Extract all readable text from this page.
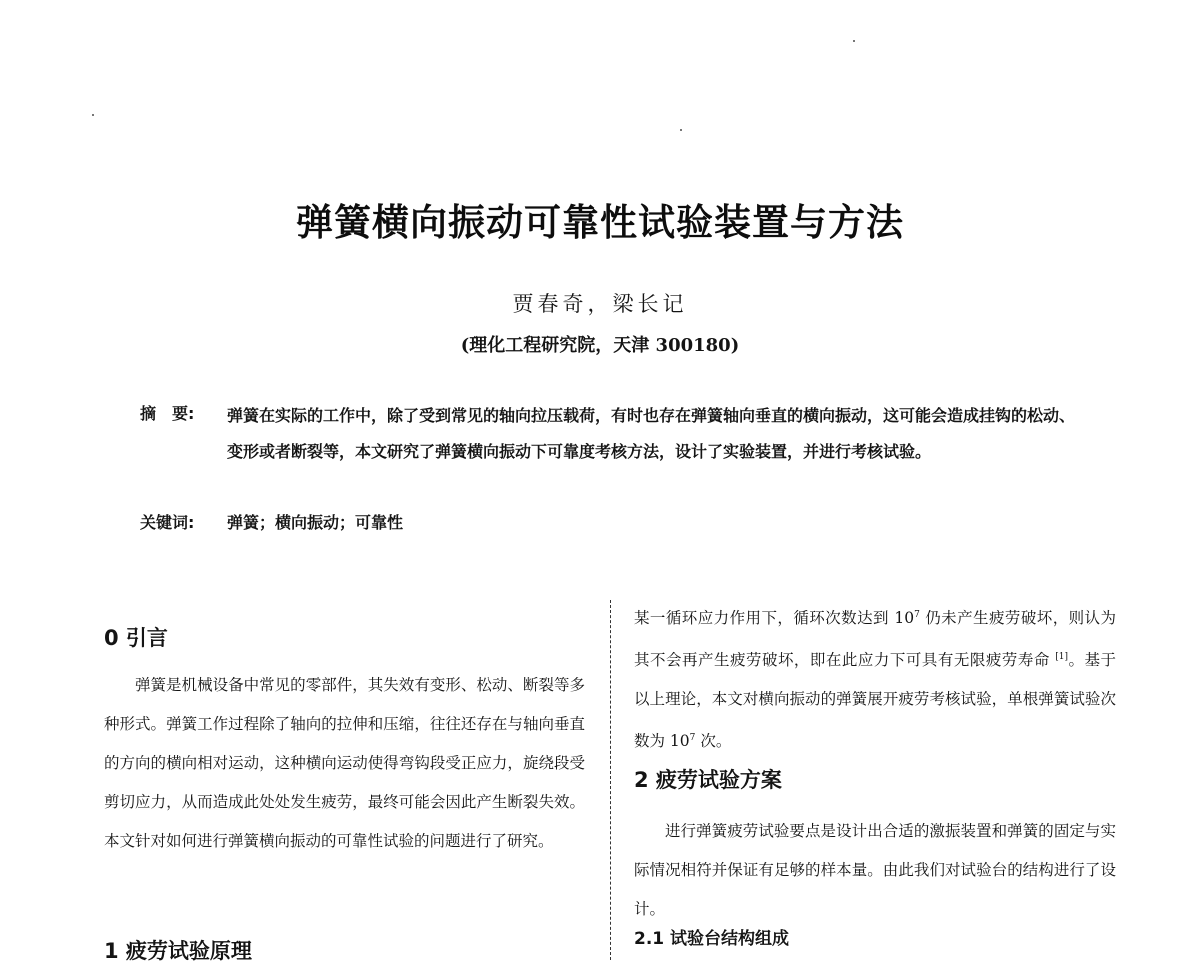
弹簧横向振动可靠性试验装置与方法
贾春奇，梁长记
(理化工程研究院，天津 300180)
摘　要: 弹簧在实际的工作中，除了受到常见的轴向拉压载荷，有时也存在弹簧轴向垂直的横向振动，这可能会造成挂钩的松动、变形或者断裂等，本文研究了弹簧横向振动下可靠度考核方法，设计了实验装置，并进行考核试验。
关键词: 弹簧；横向振动；可靠性
0 引言
弹簧是机械设备中常见的零部件，其失效有变形、松动、断裂等多种形式。弹簧工作过程除了轴向的拉伸和压缩，往往还存在与轴向垂直的方向的横向相对运动，这种横向运动使得弯钩段受正应力，旋绕段受剪切应力，从而造成此处处发生疲劳，最终可能会因此产生断裂失效。本文针对如何进行弹簧横向振动的可靠性试验的问题进行了研究。
1 疲劳试验原理
某一循环应力作用下，循环次数达到 $10^7$ 仍未产生疲劳破坏，则认为其不会再产生疲劳破坏，即在此应力下可具有无限疲劳寿命 [1]。基于以上理论，本文对横向振动的弹簧展开疲劳考核试验，单根弹簧试验次数为 $10^7$ 次。
2 疲劳试验方案
进行弹簧疲劳试验要点是设计出合适的激振装置和弹簧的固定与实际情况相符并保证有足够的样本量。由此我们对试验台的结构进行了设计。
2.1 试验台结构组成
